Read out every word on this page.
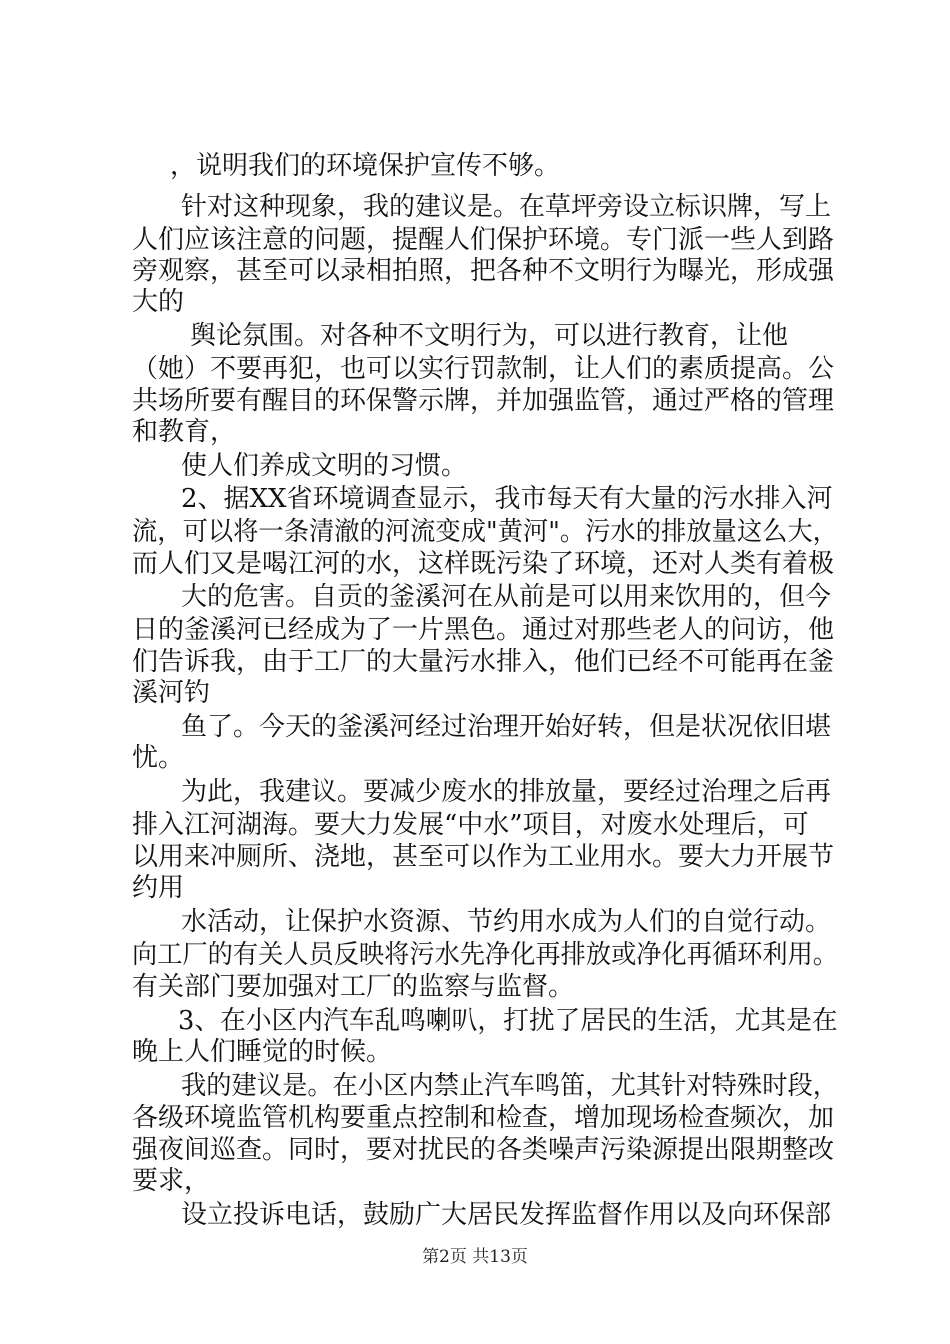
，说明我们的环境保护宣传不够。
针对这种现象，我的建议是。在草坪旁设立标识牌，写上
人们应该注意的问题，提醒人们保护环境。专门派一些人到路
旁观察，甚至可以录相拍照，把各种不文明行为曝光，形成强
大的
舆论氛围。对各种不文明行为，可以进行教育，让他
（她）不要再犯，也可以实行罚款制，让人们的素质提高。公
共场所要有醒目的环保警示牌，并加强监管，通过严格的管理
和教育，
使人们养成文明的习惯。
2、据XX省环境调查显示，我市每天有大量的污水排入河
流，可以将一条清澈的河流变成"黄河"。污水的排放量这么大，
而人们又是喝江河的水，这样既污染了环境，还对人类有着极
大的危害。自贡的釜溪河在从前是可以用来饮用的，但今
日的釜溪河已经成为了一片黑色。通过对那些老人的问访，他
们告诉我，由于工厂的大量污水排入，他们已经不可能再在釜
溪河钓
鱼了。今天的釜溪河经过治理开始好转，但是状况依旧堪
忧。
为此，我建议。要减少废水的排放量，要经过治理之后再
排入江河湖海。要大力发展“中水”项目，对废水处理后，可
以用来冲厕所、浇地，甚至可以作为工业用水。要大力开展节
约用
水活动，让保护水资源、节约用水成为人们的自觉行动。
向工厂的有关人员反映将污水先净化再排放或净化再循环利用。
有关部门要加强对工厂的监察与监督。
3、在小区内汽车乱鸣喇叭，打扰了居民的生活，尤其是在
晚上人们睡觉的时候。
我的建议是。在小区内禁止汽车鸣笛，尤其针对特殊时段，
各级环境监管机构要重点控制和检查，增加现场检查频次，加
强夜间巡查。同时，要对扰民的各类噪声污染源提出限期整改
要求，
设立投诉电话，鼓励广大居民发挥监督作用以及向环保部
第2页 共13页
